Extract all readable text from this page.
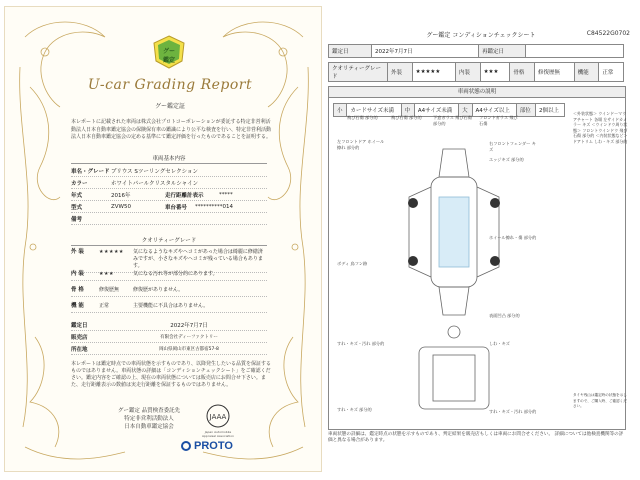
グー
鑑定
U-car Grading Report
グー鑑定証
本レポートに記載された車両は株式会社プロトコーポレーションが委託する特定非営利活動法人日本自動車鑑定協会の保険保有車の鑑識により公平な検査を行い、特定非営利活動法人日本自動車鑑定協会の定める基準にて鑑定評価を行ったものであることを証明する。
車両基本内容
車名・グレード プリウス Sツーリングセレクション
カラー	ホワイトパールクリスタルシャイン
年式	2016年	走行距離計表示	*****
型式	ZVW50	車台番号	**********014
備考
クオリティーグレード
外 装	★★★★★	気になるようなキズやヘコミがあった場合は綺麗に修繕済みですが、小さなキズやヘコミが残っている場合もあります。
内 装	★★★	気になる汚れ等が部分的にあります。
骨 格	修復歴無	修復歴がありません。
機 能	正常	主要機能に不具合はありません。
鑑定日	2022年7月7日
販売店	有限会社ディーファクトリー
所在地	岡山県岡山市東区古都宿57-8
本レポートは鑑定時点での車両状態を示すものであり、以降発生したいる品質を保証するものではありません。車両状態の詳細は「コンディションチェックシート」をご確認ください。鑑定内容をご確認の上、現在の車両状態については販売店にお問合せ下さい。また、走行距離表示の数値は実走行距離を保証するものではありません。
グー鑑定 品質検査委託先
特定非営利活動法人
日本自動車鑑定協会
JAAA
Japan Automobile Appraisal Association
PROTO
グー鑑定 コンディションチェックシート	C84522G0702
鑑定日	2022年7月7日	再鑑定日	
クオリティーグレード	外装	★★★★★	内装	★★★	骨格	修復歴無	機能	正常
車両状態の説明
小	カードサイズ未満	中	A4サイズ未満	大	A4サイズ以上	部位	2個以上
飛び石傷 部分的	飛び石傷 部分的	下窓ガラス 飛び石傷 部分的
フロントガラス 飛び石傷
左フロントドア ホイール擦れ 部分的
エッジキズ 部分的
右フロントフェンダー キズ
ホイール擦れ・傷 部分的
ボディ 鳥フン跡
すれ・キズ・汚れ 部分的
すれ・キズ・汚れ 部分的
すれ・キズ 部分的
表面凹凸 部分的
しわ・キズ
＜外装状態＞ ウインドーマウアチャート 各場 左サイドカメラー キズ ＜ウインドウ周り状態＞ フロントウインドウ 飛び石傷 部分的 ＜内装状態など＞ ドアトリム しわ・キズ 部分的
タイヤ残山は鑑定時の状態を示しますので、ご購入時、ご確認ください。
車両状態の詳細は、鑑定時点の状態を示すものであり、判定結果を販売店もしくは車両にお問合せください。 詳細については他検査機関等の評価と異なる場合があります。
